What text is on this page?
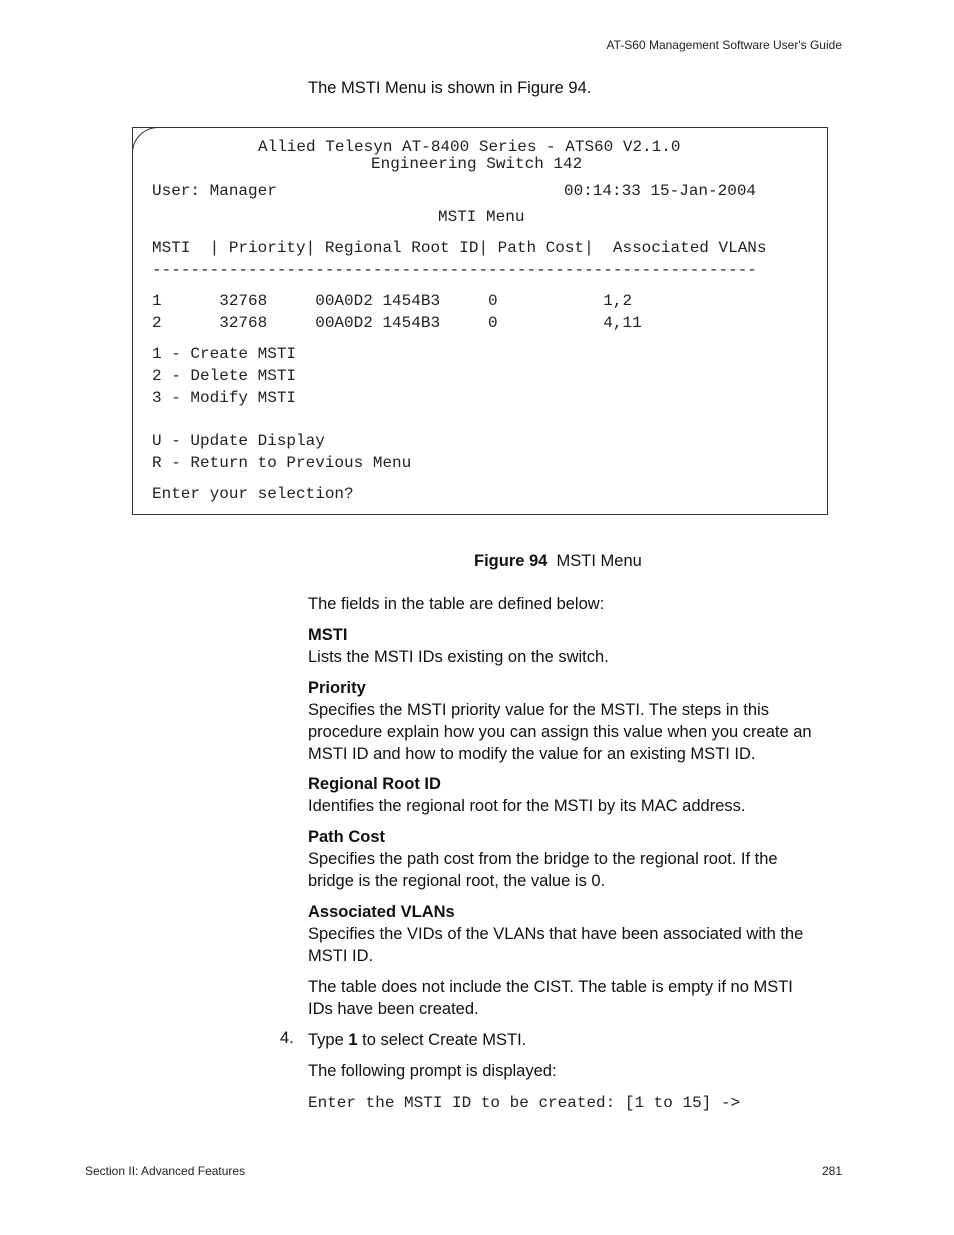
AT-S60 Management Software User's Guide
The MSTI Menu is shown in Figure 94.
Allied Telesyn AT-8400 Series - ATS60 V2.1.0
Engineering Switch 142
User: Manager	00:14:33 15-Jan-2004
MSTI Menu
MSTI  | Priority| Regional Root ID| Path Cost|  Associated VLANs
---------------------------------------------------------------
1      32768     00A0D2 1454B3     0           1,2
2      32768     00A0D2 1454B3     0           4,11
1 - Create MSTI
2 - Delete MSTI
3 - Modify MSTI
U - Update Display
R - Return to Previous Menu
Enter your selection?
Figure 94 MSTI Menu
The fields in the table are defined below:
MSTI
Lists the MSTI IDs existing on the switch.
Priority
Specifies the MSTI priority value for the MSTI. The steps in this procedure explain how you can assign this value when you create an MSTI ID and how to modify the value for an existing MSTI ID.
Regional Root ID
Identifies the regional root for the MSTI by its MAC address.
Path Cost
Specifies the path cost from the bridge to the regional root. If the bridge is the regional root, the value is 0.
Associated VLANs
Specifies the VIDs of the VLANs that have been associated with the MSTI ID.
The table does not include the CIST. The table is empty if no MSTI IDs have been created.
4. Type 1 to select Create MSTI.
The following prompt is displayed:
Enter the MSTI ID to be created: [1 to 15] ->
Section II: Advanced Features	281
